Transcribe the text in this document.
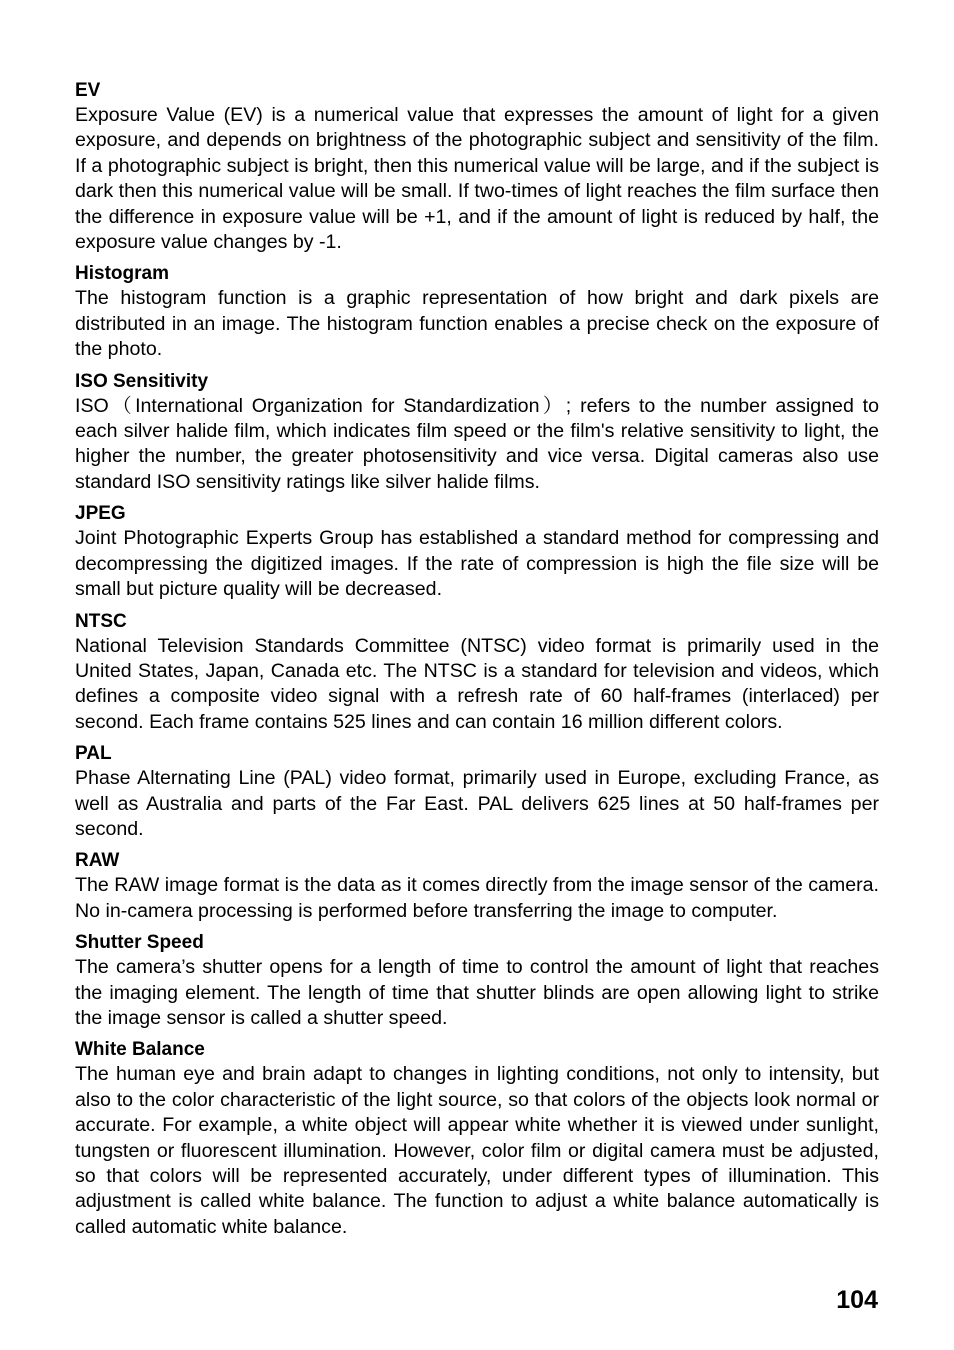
EV

Exposure Value (EV) is a numerical value that expresses the amount of light for a given exposure, and depends on brightness of the photographic subject and sensitivity of the film. If a photographic subject is bright, then this numerical value will be large, and if the subject is dark then this numerical value will be small. If two-times of light reaches the film surface then the difference in exposure value will be +1, and if the amount of light is reduced by half, the exposure value changes by -1.

Histogram

The histogram function is a graphic representation of how bright and dark pixels are distributed in an image. The histogram function enables a precise check on the exposure of the photo.

ISO Sensitivity

ISO（International Organization for Standardization）; refers to the number assigned to each silver halide film, which indicates film speed or the film's relative sensitivity to light, the higher the number, the greater photosensitivity and vice versa. Digital cameras also use standard ISO sensitivity ratings like silver halide films.

JPEG

Joint Photographic Experts Group has established a standard method for compressing and decompressing the digitized images. If the rate of compression is high the file size will be small but picture quality will be decreased.

NTSC

National Television Standards Committee (NTSC) video format is primarily used in the United States, Japan, Canada etc. The NTSC is a standard for television and videos, which defines a composite video signal with a refresh rate of 60 half-frames (interlaced) per second. Each frame contains 525 lines and can contain 16 million different colors.

PAL

Phase Alternating Line (PAL) video format, primarily used in Europe, excluding France, as well as Australia and parts of the Far East. PAL delivers 625 lines at 50 half-frames per second.

RAW

The RAW image format is the data as it comes directly from the image sensor of the camera. No in-camera processing is performed before transferring the image to computer.

Shutter Speed

The camera’s shutter opens for a length of time to control the amount of light that reaches the imaging element. The length of time that shutter blinds are open allowing light to strike the image sensor is called a shutter speed.

White Balance

The human eye and brain adapt to changes in lighting conditions, not only to intensity, but also to the color characteristic of the light source, so that colors of the objects look normal or accurate. For example, a white object will appear white whether it is viewed under sunlight, tungsten or fluorescent illumination. However, color film or digital camera must be adjusted, so that colors will be represented accurately, under different types of illumination. This adjustment is called white balance. The function to adjust a white balance automatically is called automatic white balance.

104
